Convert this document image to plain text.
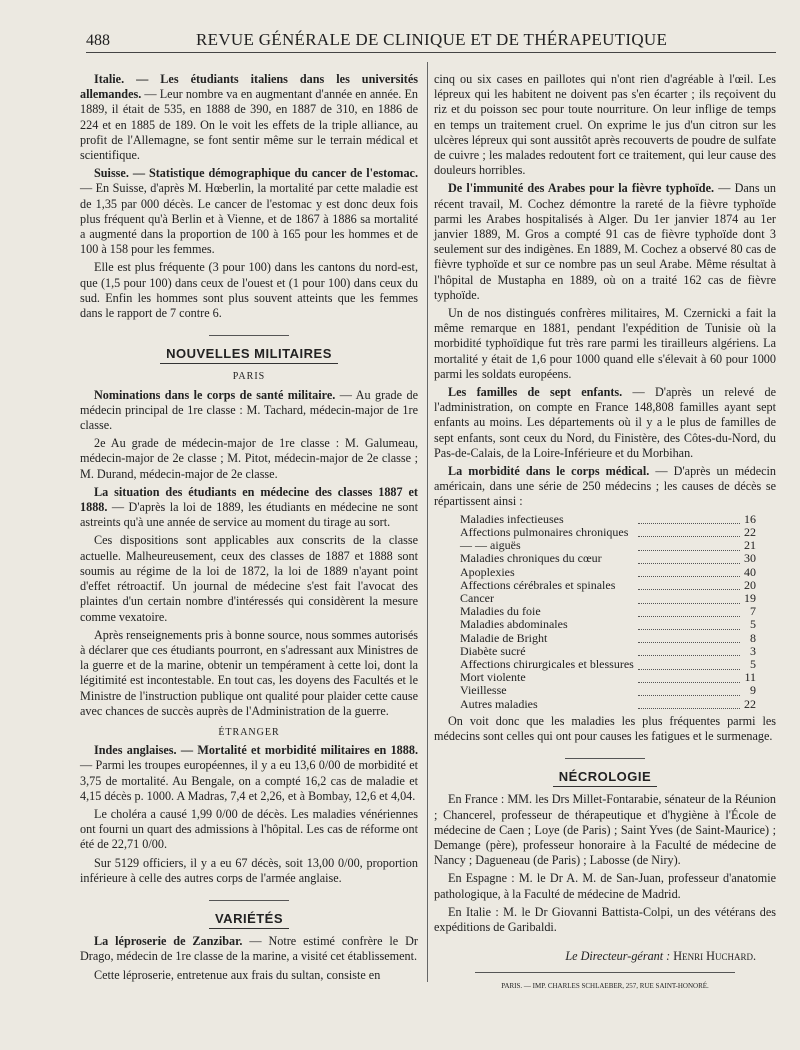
488	REVUE GÉNÉRALE DE CLINIQUE ET DE THÉRAPEUTIQUE

Italie. — Les étudiants italiens dans les universités allemandes. — Leur nombre va en augmentant d'année en année. En 1889, il était de 535, en 1888 de 390, en 1887 de 310, en 1886 de 224 et en 1885 de 189. On le voit les effets de la triple alliance, au profit de l'Allemagne, se font sentir même sur le terrain médical et scientifique.

Suisse. — Statistique démographique du cancer de l'estomac. — En Suisse, d'après M. Hœberlin, la mortalité par cette maladie est de 1,35 par 000 décès. Le cancer de l'estomac y est donc deux fois plus fréquent qu'à Berlin et à Vienne, et de 1867 à 1886 sa mortalité a augmenté dans la proportion de 100 à 165 pour les hommes et de 100 à 158 pour les femmes.

Elle est plus fréquente (3 pour 100) dans les cantons du nord-est, que (1,5 pour 100) dans ceux de l'ouest et (1 pour 100) dans ceux du sud. Enfin les hommes sont plus souvent atteints que les femmes dans le rapport de 7 contre 6.

NOUVELLES MILITAIRES
PARIS

Nominations dans le corps de santé militaire. — Au grade de médecin principal de 1re classe : M. Tachard, médecin-major de 1re classe.

2e Au grade de médecin-major de 1re classe : M. Galumeau, médecin-major de 2e classe ; M. Pitot, médecin-major de 2e classe ; M. Durand, médecin-major de 2e classe.

La situation des étudiants en médecine des classes 1887 et 1888. — D'après la loi de 1889, les étudiants en médecine ne sont astreints qu'à une année de service au moment du tirage au sort.

Ces dispositions sont applicables aux conscrits de la classe actuelle. Malheureusement, ceux des classes de 1887 et 1888 sont soumis au régime de la loi de 1872, la loi de 1889 n'ayant point d'effet rétroactif. Un journal de médecine s'est fait l'avocat des plaintes d'un certain nombre d'intéressés qui considèrent la mesure comme vexatoire.

Après renseignements pris à bonne source, nous sommes autorisés à déclarer que ces étudiants pourront, en s'adressant aux Ministres de la guerre et de la marine, obtenir un tempérament à cette loi, dont la légitimité est incontestable. En tout cas, les doyens des Facultés et le Ministre de l'instruction publique ont qualité pour plaider cette cause avec chances de succès auprès de l'Administration de la guerre.

ÉTRANGER

Indes anglaises. — Mortalité et morbidité militaires en 1888. — Parmi les troupes européennes, il y a eu 13,6 0/00 de morbidité et 3,75 de mortalité. Au Bengale, on a compté 16,2 cas de maladie et 4,15 décès p. 1000. A Madras, 7,4 et 2,26, et à Bombay, 12,6 et 4,04.

Le choléra a causé 1,99 0/00 de décès. Les maladies vénériennes ont fourni un quart des admissions à l'hôpital. Les cas de réforme ont été de 22,71 0/00.

Sur 5129 officiers, il y a eu 67 décès, soit 13,00 0/00, proportion inférieure à celle des autres corps de l'armée anglaise.

VARIÉTÉS

La léproserie de Zanzibar. — Notre estimé confrère le Dr Drago, médecin de 1re classe de la marine, a visité cet établissement.

Cette léproserie, entretenue aux frais du sultan, consiste en

cinq ou six cases en paillotes qui n'ont rien d'agréable à l'œil. Les lépreux qui les habitent ne doivent pas s'en écarter ; ils reçoivent du riz et du poisson sec pour toute nourriture. On leur inflige de temps en temps un traitement cruel. On exprime le jus d'un citron sur les ulcères lépreux qui sont aussitôt après recouverts de poudre de sulfate de cuivre ; les malades redoutent fort ce traitement, qui leur cause des douleurs horribles.

De l'immunité des Arabes pour la fièvre typhoïde. — Dans un récent travail, M. Cochez démontre la rareté de la fièvre typhoïde parmi les Arabes hospitalisés à Alger. Du 1er janvier 1874 au 1er janvier 1889, M. Gros a compté 91 cas de fièvre typhoïde dont 3 seulement sur des indigènes. En 1889, M. Cochez a observé 80 cas de fièvre typhoïde et sur ce nombre pas un seul Arabe. Même résultat à l'hôpital de Mustapha en 1889, où on a traité 162 cas de fièvre typhoïde.

Un de nos distingués confrères militaires, M. Czernicki a fait la même remarque en 1881, pendant l'expédition de Tunisie où la morbidité typhoïdique fut très rare parmi les tirailleurs algériens. La mortalité y était de 1,6 pour 1000 quand elle s'élevait à 60 pour 1000 parmi les soldats européens.

Les familles de sept enfants. — D'après un relevé de l'administration, on compte en France 148,808 familles ayant sept enfants au moins. Les départements où il y a le plus de familles de sept enfants, sont ceux du Nord, du Finistère, des Côtes-du-Nord, du Pas-de-Calais, de la Loire-Inférieure et du Morbihan.

La morbidité dans le corps médical. — D'après un médecin américain, dans une série de 250 médecins ; les causes de décès se répartissent ainsi :

Maladies infectieuses		16
Affections pulmonaires chroniques		22
— — aiguës		21
Maladies chroniques du cœur		30
Apoplexies		40
Affections cérébrales et spinales		20
Cancer		19
Maladies du foie		7
Maladies abdominales		5
Maladie de Bright		8
Diabète sucré		3
Affections chirurgicales et blessures		5
Mort violente		11
Vieillesse		9
Autres maladies		22

On voit donc que les maladies les plus fréquentes parmi les médecins sont celles qui ont pour causes les fatigues et le surmenage.

NÉCROLOGIE

En France : MM. les Drs Millet-Fontarabie, sénateur de la Réunion ; Chancerel, professeur de thérapeutique et d'hygiène à l'École de médecine de Caen ; Loye (de Paris) ; Saint Yves (de Saint-Maurice) ; Demange (père), professeur honoraire à la Faculté de médecine de Nancy ; Dagueneau (de Paris) ; Labosse (de Niry).

En Espagne : M. le Dr A. M. de San-Juan, professeur d'anatomie pathologique, à la Faculté de médecine de Madrid.

En Italie : M. le Dr Giovanni Battista-Colpi, un des vétérans des expéditions de Garibaldi.

Le Directeur-gérant : Henri Huchard.
PARIS. — IMP. CHARLES SCHLAEBER, 257, RUE SAINT-HONORÉ.
